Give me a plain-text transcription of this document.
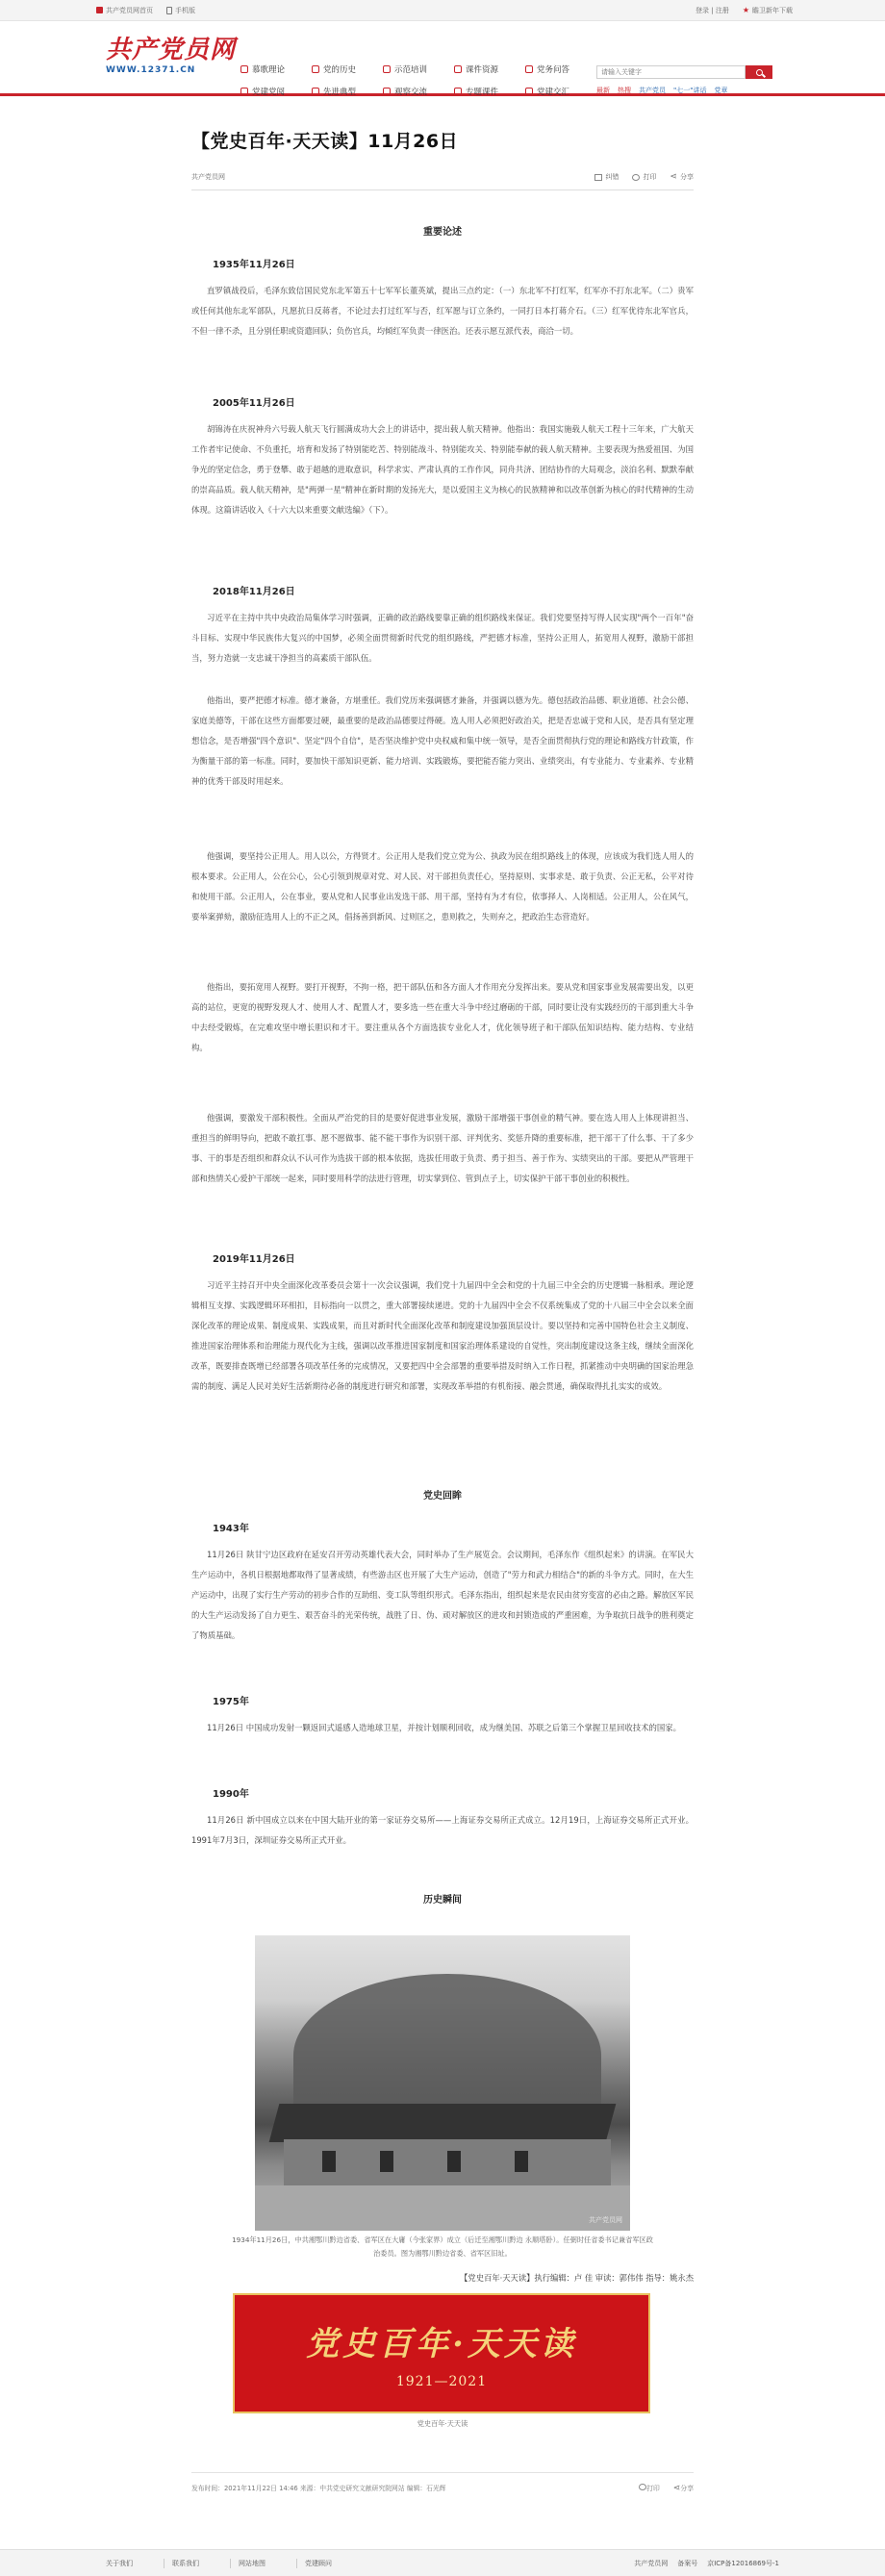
共产党员网首页	手机版	登录 | 注册 ★ 瞻卫新年下载
共产党员网
WWW.12371.CN	慕歌理论	党的历史	示范培训	课件资源	党务问答
党建党阅	先进典型	观察交流	专题课件	党建交汇
请输入关键字	最新 热搜 共产党员 "七一"讲话 党章
【党史百年·天天读】11月26日
共产党员网	纠错	打印 ⋖ 分享
重要论述
1935年11月26日

直罗镇战役后，毛泽东致信国民党东北军第五十七军军长董英斌，提出三点约定：（一）东北军不打红军，红军亦不打东北军。（二）贵军或任何其他东北军部队，凡愿抗日反蒋者，不论过去打过红军与否，红军愿与订立条约，一同打日本打蒋介石。（三）红军优待东北军官兵，不但一律不杀，且分别任职或资遣回队；负伤官兵，均倾红军负责一律医治。还表示愿互派代表，商洽一切。

2005年11月26日

胡锦涛在庆祝神舟六号载人航天飞行圆满成功大会上的讲话中，提出载人航天精神。他指出：我国实施载人航天工程十三年来，广大航天工作者牢记使命、不负重托，培育和发扬了特别能吃苦、特别能战斗、特别能攻关、特别能奉献的载人航天精神。主要表现为热爱祖国、为国争光的坚定信念，勇于登攀、敢于超越的进取意识，科学求实、严肃认真的工作作风，同舟共济、团结协作的大局观念，淡泊名利、默默奉献的崇高品质。载人航天精神，是"两弹一星"精神在新时期的发扬光大，是以爱国主义为核心的民族精神和以改革创新为核心的时代精神的生动体现。这篇讲话收入《十六大以来重要文献选编》（下）。

2018年11月26日

习近平在主持中共中央政治局集体学习时强调，正确的政治路线要靠正确的组织路线来保证。我们党要坚持写得人民实现"两个一百年"奋斗目标、实现中华民族伟大复兴的中国梦，必须全面贯彻新时代党的组织路线，严把德才标准，坚持公正用人，拓宽用人视野，激励干部担当，努力造就一支忠诚干净担当的高素质干部队伍。

他指出，要严把德才标准。德才兼备，方堪重任。我们党历来强调德才兼备，并强调以德为先。德包括政治品德、职业道德、社会公德、家庭美德等，干部在这些方面都要过硬，最重要的是政治品德要过得硬。选人用人必须把好政治关，把是否忠诚于党和人民，是否具有坚定理想信念，是否增强"四个意识"、坚定"四个自信"，是否坚决维护党中央权威和集中统一领导，是否全面贯彻执行党的理论和路线方针政策，作为衡量干部的第一标准。同时，要加快干部知识更新、能力培训、实践锻炼，要把能否能力突出、业绩突出，有专业能力、专业素养、专业精神的优秀干部及时用起来。

他强调，要坚持公正用人。用人以公，方得贤才。公正用人是我们党立党为公、执政为民在组织路线上的体现，应该成为我们选人用人的根本要求。公正用人，公在公心，公心引领到规章对党、对人民、对干部担负责任心，坚持原则、实事求是、敢于负责、公正无私，公平对待和使用干部。公正用人，公在事业，要从党和人民事业出发选干部、用干部，坚持有为才有位，依事择人、人岗相适。公正用人，公在风气，要举案弹劾，激励征选用人上的不正之风，倡扬善到新风、过则匡之，患则救之，失则弃之，把政治生态营造好。

他指出，要拓宽用人视野。要打开视野，不拘一格，把干部队伍和各方面人才作用充分发挥出来。要从党和国家事业发展需要出发，以更高的站位，更宽的视野发现人才、使用人才、配置人才，要多选一些在重大斗争中经过磨砺的干部，同时要让没有实践经历的干部到重大斗争中去经受锻炼，在完难攻坚中增长胆识和才干。要注重从各个方面选拔专业化人才，优化领导班子和干部队伍知识结构、能力结构、专业结构。

他强调，要激发干部积极性。全面从严治党的目的是要好促进事业发展，激励干部增强干事创业的精气神。要在选人用人上体现讲担当、重担当的鲜明导向，把敢不敢扛事、愿不愿做事、能不能干事作为识别干部、评判优劣、奖惩升降的重要标准，把干部干了什么事、干了多少事、干的事是否组织和群众认不认可作为选拔干部的根本依据，选拔任用敢于负责、勇于担当、善于作为、实绩突出的干部。要把从严管理干部和热情关心爱护干部统一起来，同时要用科学的法进行管理，切实掌到位、管到点子上，切实保护干部干事创业的积极性。

2019年11月26日

习近平主持召开中央全面深化改革委员会第十一次会议强调，我们党十九届四中全会和党的十九届三中全会的历史逻辑一脉相承。理论逻辑相互支撑、实践逻辑环环相扣，目标指向一以贯之，重大部署接续递进。党的十九届四中全会不仅系统集成了党的十八届三中全会以来全面深化改革的理论成果、制度成果、实践成果，而且对新时代全面深化改革和制度建设加强顶层设计。要以坚持和完善中国特色社会主义制度、推进国家治理体系和治理能力现代化为主线，强调以改革推进国家制度和国家治理体系建设的自觉性，突出制度建设这条主线，继续全面深化改革，既要排查既增已经部署各项改革任务的完成情况，又要把四中全会部署的重要举措及时纳入工作日程，抓紧推动中央明确的国家治理急需的制度、满足人民对美好生活新期待必备的制度进行研究和部署，实现改革举措的有机衔接、融会贯通，确保取得扎扎实实的成效。

党史回眸
1943年

11月26日 陕甘宁边区政府在延安召开劳动英雄代表大会，同时举办了生产展览会。会议期间，毛泽东作《组织起来》的讲演。在军民大生产运动中，各机日根据地都取得了显著成绩，有些游击区也开展了大生产运动，创造了"劳力和武力相结合"的新的斗争方式。同时，在大生产运动中，出现了实行生产劳动的初步合作的互助组、变工队等组织形式。毛泽东指出，组织起来是农民由贫穷变富的必由之路。解放区军民的大生产运动发扬了自力更生、艰苦奋斗的光荣传统，战胜了日、伪、顽对解放区的进攻和封锁造成的严重困难，为争取抗日战争的胜利奠定了物质基础。

1975年

11月26日 中国成功发射一颗返回式遥感人造地球卫星，并按计划顺利回收，成为继美国、苏联之后第三个掌握卫星回收技术的国家。

1990年

11月26日 新中国成立以来在中国大陆开业的第一家证券交易所——上海证券交易所正式成立。12月19日，上海证券交易所正式开业。1991年7月3日，深圳证券交易所正式开业。

历史瞬间
共产党员网

1934年11月26日，中共湘鄂川黔边省委、省军区在大庸（今张家界）成立（后迁至湘鄂川黔边 永顺塔卧）。任弼时任省委书记兼省军区政治委员。图为湘鄂川黔边省委、省军区旧址。

【党史百年·天天读】执行编辑：卢 佳 审读：郭伟伟 指导：姚永杰
党史百年·天天读
1921—2021
党史百年·天天读
发布时间：2021年11月22日 14:46 来源：中共党史研究文献研究院网站 编辑：石光辉	打印 ⋖分享
关于我们	联系我们	网站地图	党建顾问	共产党员网 备案号 京ICP备12016869号-1
